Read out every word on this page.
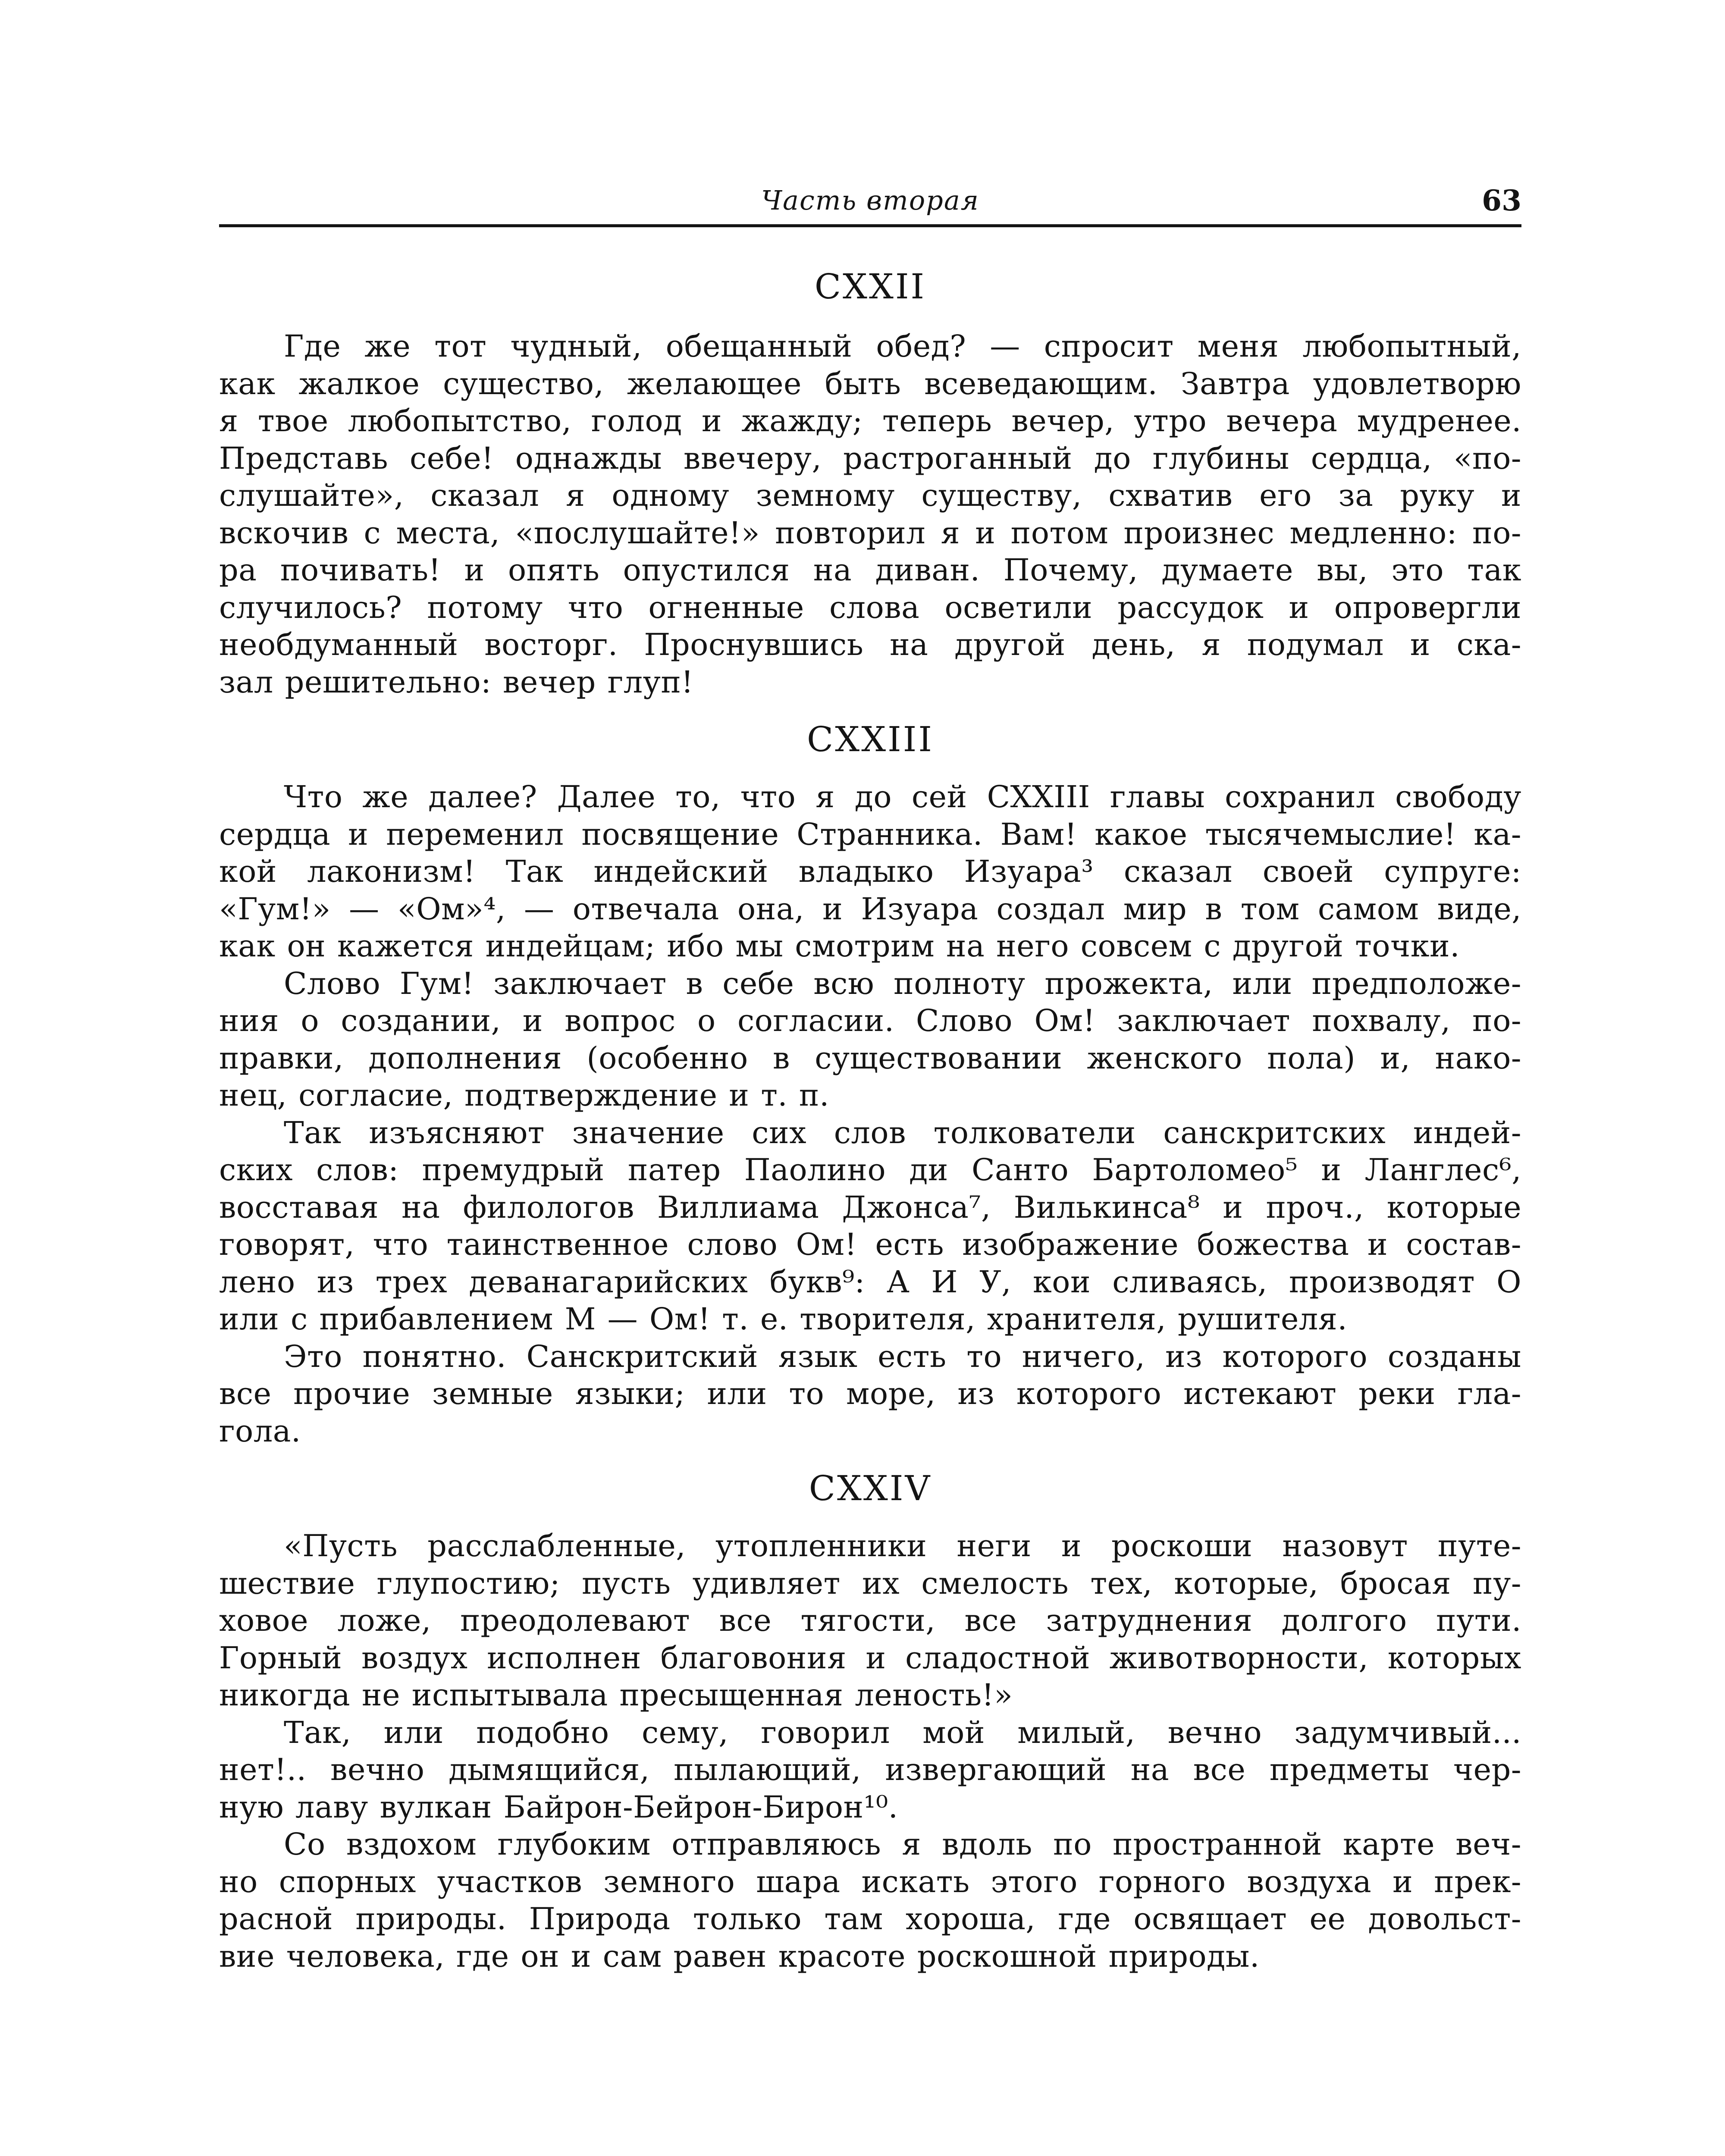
Часть вторая	63
CXXII
Где же тот чудный, обещанный обед? — спросит меня любопытный,
как жалкое существо, желающее быть всеведающим. Завтра удовлетворю
я твое любопытство, голод и жажду; теперь вечер, утро вечера мудренее.
Представь себе! однажды ввечеру, растроганный до глубины сердца, «по-
слушайте», сказал я одному земному существу, схватив его за руку и
вскочив с места, «послушайте!» повторил я и потом произнес медленно: по-
ра почивать! и опять опустился на диван. Почему, думаете вы, это так
случилось? потому что огненные слова осветили рассудок и опровергли
необдуманный восторг. Проснувшись на другой день, я подумал и ска-
зал решительно: вечер глуп!
CXXIII
Что же далее? Далее то, что я до сей CXXIII главы сохранил свободу
сердца и переменил посвящение Странника. Вам! какое тысячемыслие! ка-
кой лаконизм! Так индейский владыко Изуара³ сказал своей супруге:
«Гум!» — «Ом»⁴, — отвечала она, и Изуара создал мир в том самом виде,
как он кажется индейцам; ибо мы смотрим на него совсем с другой точки.
Слово Гум! заключает в себе всю полноту прожекта, или предположе-
ния о создании, и вопрос о согласии. Слово Ом! заключает похвалу, по-
правки, дополнения (особенно в существовании женского пола) и, нако-
нец, согласие, подтверждение и т. п.
Так изъясняют значение сих слов толкователи санскритских индей-
ских слов: премудрый патер Паолино ди Санто Бартоломео⁵ и Ланглес⁶,
восставая на филологов Виллиама Джонса⁷, Вилькинса⁸ и проч., которые
говорят, что таинственное слово Ом! есть изображение божества и состав-
лено из трех деванагарийских букв⁹: А И У, кои сливаясь, производят О
или с прибавлением М — Ом! т. е. творителя, хранителя, рушителя.
Это понятно. Санскритский язык есть то ничего, из которого созданы
все прочие земные языки; или то море, из которого истекают реки гла-
гола.
CXXIV
«Пусть расслабленные, утопленники неги и роскоши назовут путе-
шествие глупостию; пусть удивляет их смелость тех, которые, бросая пу-
ховое ложе, преодолевают все тягости, все затруднения долгого пути.
Горный воздух исполнен благовония и сладостной животворности, которых
никогда не испытывала пресыщенная леность!»
Так, или подобно сему, говорил мой милый, вечно задумчивый...
нет!.. вечно дымящийся, пылающий, извергающий на все предметы чер-
ную лаву вулкан Байрон-Бейрон-Бирон¹⁰.
Со вздохом глубоким отправляюсь я вдоль по пространной карте веч-
но спорных участков земного шара искать этого горного воздуха и прек-
расной природы. Природа только там хороша, где освящает ее довольст-
вие человека, где он и сам равен красоте роскошной природы.
